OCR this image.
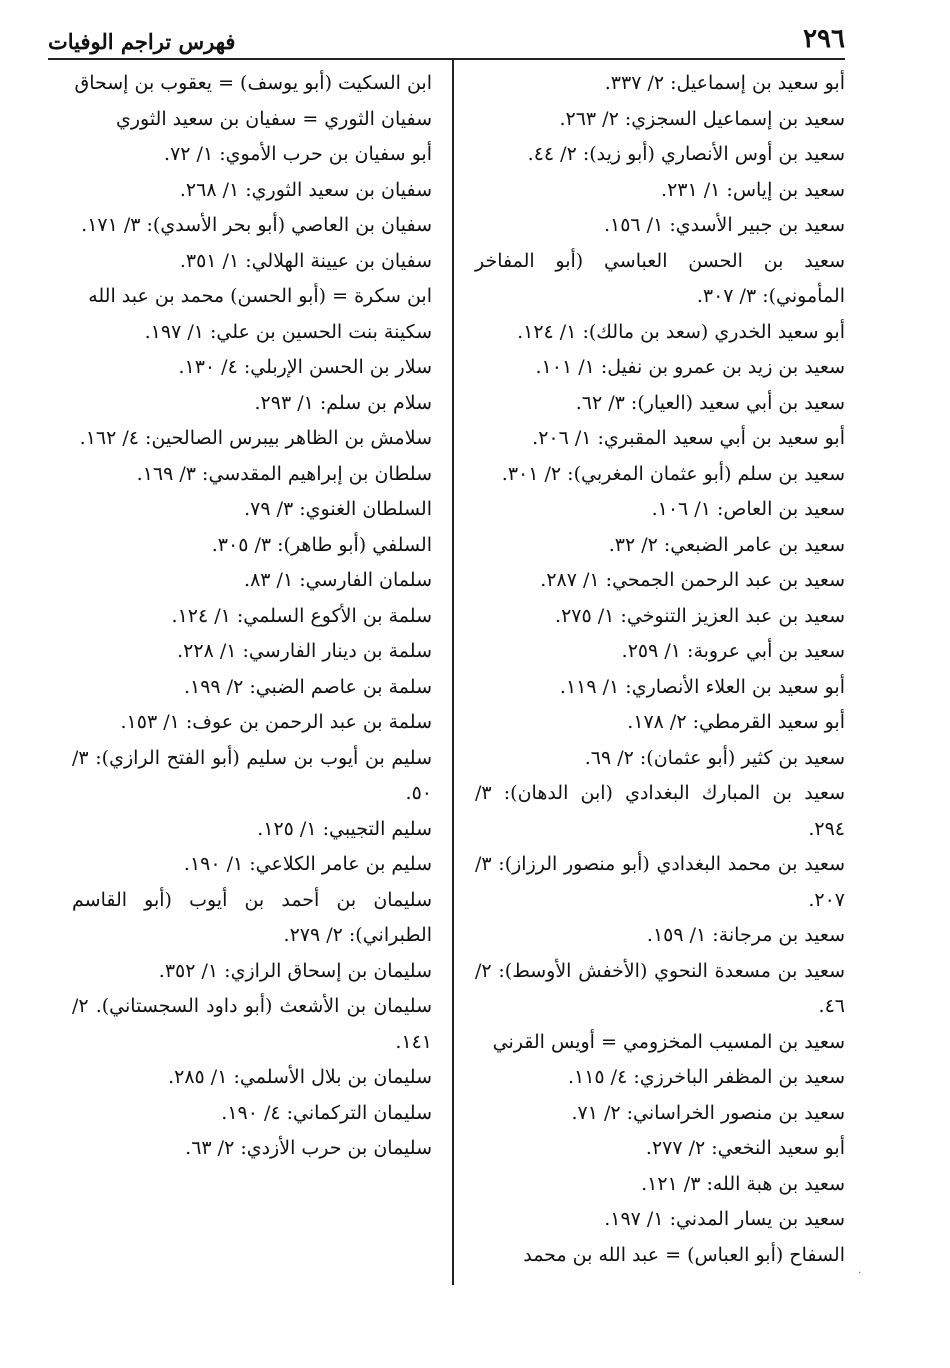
٢٩٦
فهرس تراجم الوفيات

أبو سعيد بن إسماعيل: ٢/ ٣٣٧.

سعيد بن إسماعيل السجزي: ٢/ ٢٦٣.

سعيد بن أوس الأنصاري (أبو زيد): ٢/ ٤٤.

سعيد بن إياس: ١/ ٢٣١.

سعيد بن جبير الأسدي: ١/ ١٥٦.

سعيد بن الحسن العباسي (أبو المفاخر المأموني): ٣/ ٣٠٧.

أبو سعيد الخدري (سعد بن مالك): ١/ ١٢٤.

سعيد بن زيد بن عمرو بن نفيل: ١/ ١٠١.

سعيد بن أبي سعيد (العيار): ٣/ ٦٢.

أبو سعيد بن أبي سعيد المقبري: ١/ ٢٠٦.

سعيد بن سلم (أبو عثمان المغربي): ٢/ ٣٠١.

سعيد بن العاص: ١/ ١٠٦.

سعيد بن عامر الضبعي: ٢/ ٣٢.

سعيد بن عبد الرحمن الجمحي: ١/ ٢٨٧.

سعيد بن عبد العزيز التنوخي: ١/ ٢٧٥.

سعيد بن أبي عروبة: ١/ ٢٥٩.

أبو سعيد بن العلاء الأنصاري: ١/ ١١٩.

أبو سعيد القرمطي: ٢/ ١٧٨.

سعيد بن كثير (أبو عثمان): ٢/ ٦٩.

سعيد بن المبارك البغدادي (ابن الدهان): ٣/ ٢٩٤.

سعيد بن محمد البغدادي (أبو منصور الرزاز): ٣/ ٢٠٧.

سعيد بن مرجانة: ١/ ١٥٩.

سعيد بن مسعدة النحوي (الأخفش الأوسط): ٢/ ٤٦.

سعيد بن المسيب المخزومي = أويس القرني

سعيد بن المظفر الباخرزي: ٤/ ١١٥.

سعيد بن منصور الخراساني: ٢/ ٧١.

أبو سعيد النخعي: ٢/ ٢٧٧.

سعيد بن هبة الله: ٣/ ١٢١.

سعيد بن يسار المدني: ١/ ١٩٧.

السفاح (أبو العباس) = عبد الله بن محمد

ابن السكيت (أبو يوسف) = يعقوب بن إسحاق

سفيان الثوري = سفيان بن سعيد الثوري

أبو سفيان بن حرب الأموي: ١/ ٧٢.

سفيان بن سعيد الثوري: ١/ ٢٦٨.

سفيان بن العاصي (أبو بحر الأسدي): ٣/ ١٧١.

سفيان بن عيينة الهلالي: ١/ ٣٥١.

ابن سكرة = (أبو الحسن) محمد بن عبد الله

سكينة بنت الحسين بن علي: ١/ ١٩٧.

سلار بن الحسن الإربلي: ٤/ ١٣٠.

سلام بن سلم: ١/ ٢٩٣.

سلامش بن الظاهر بيبرس الصالحين: ٤/ ١٦٢.

سلطان بن إبراهيم المقدسي: ٣/ ١٦٩.

السلطان الغنوي: ٣/ ٧٩.

السلفي (أبو طاهر): ٣/ ٣٠٥.

سلمان الفارسي: ١/ ٨٣.

سلمة بن الأكوع السلمي: ١/ ١٢٤.

سلمة بن دينار الفارسي: ١/ ٢٢٨.

سلمة بن عاصم الضبي: ٢/ ١٩٩.

سلمة بن عبد الرحمن بن عوف: ١/ ١٥٣.

سليم بن أيوب بن سليم (أبو الفتح الرازي): ٣/ ٥٠.

سليم التجيبي: ١/ ١٢٥.

سليم بن عامر الكلاعي: ١/ ١٩٠.

سليمان بن أحمد بن أيوب (أبو القاسم الطبراني): ٢/ ٢٧٩.

سليمان بن إسحاق الرازي: ١/ ٣٥٢.

سليمان بن الأشعث (أبو داود السجستاني). ٢/ ١٤١.

سليمان بن بلال الأسلمي: ١/ ٢٨٥.

سليمان التركماني: ٤/ ١٩٠.

سليمان بن حرب الأزدي: ٢/ ٦٣.

·
